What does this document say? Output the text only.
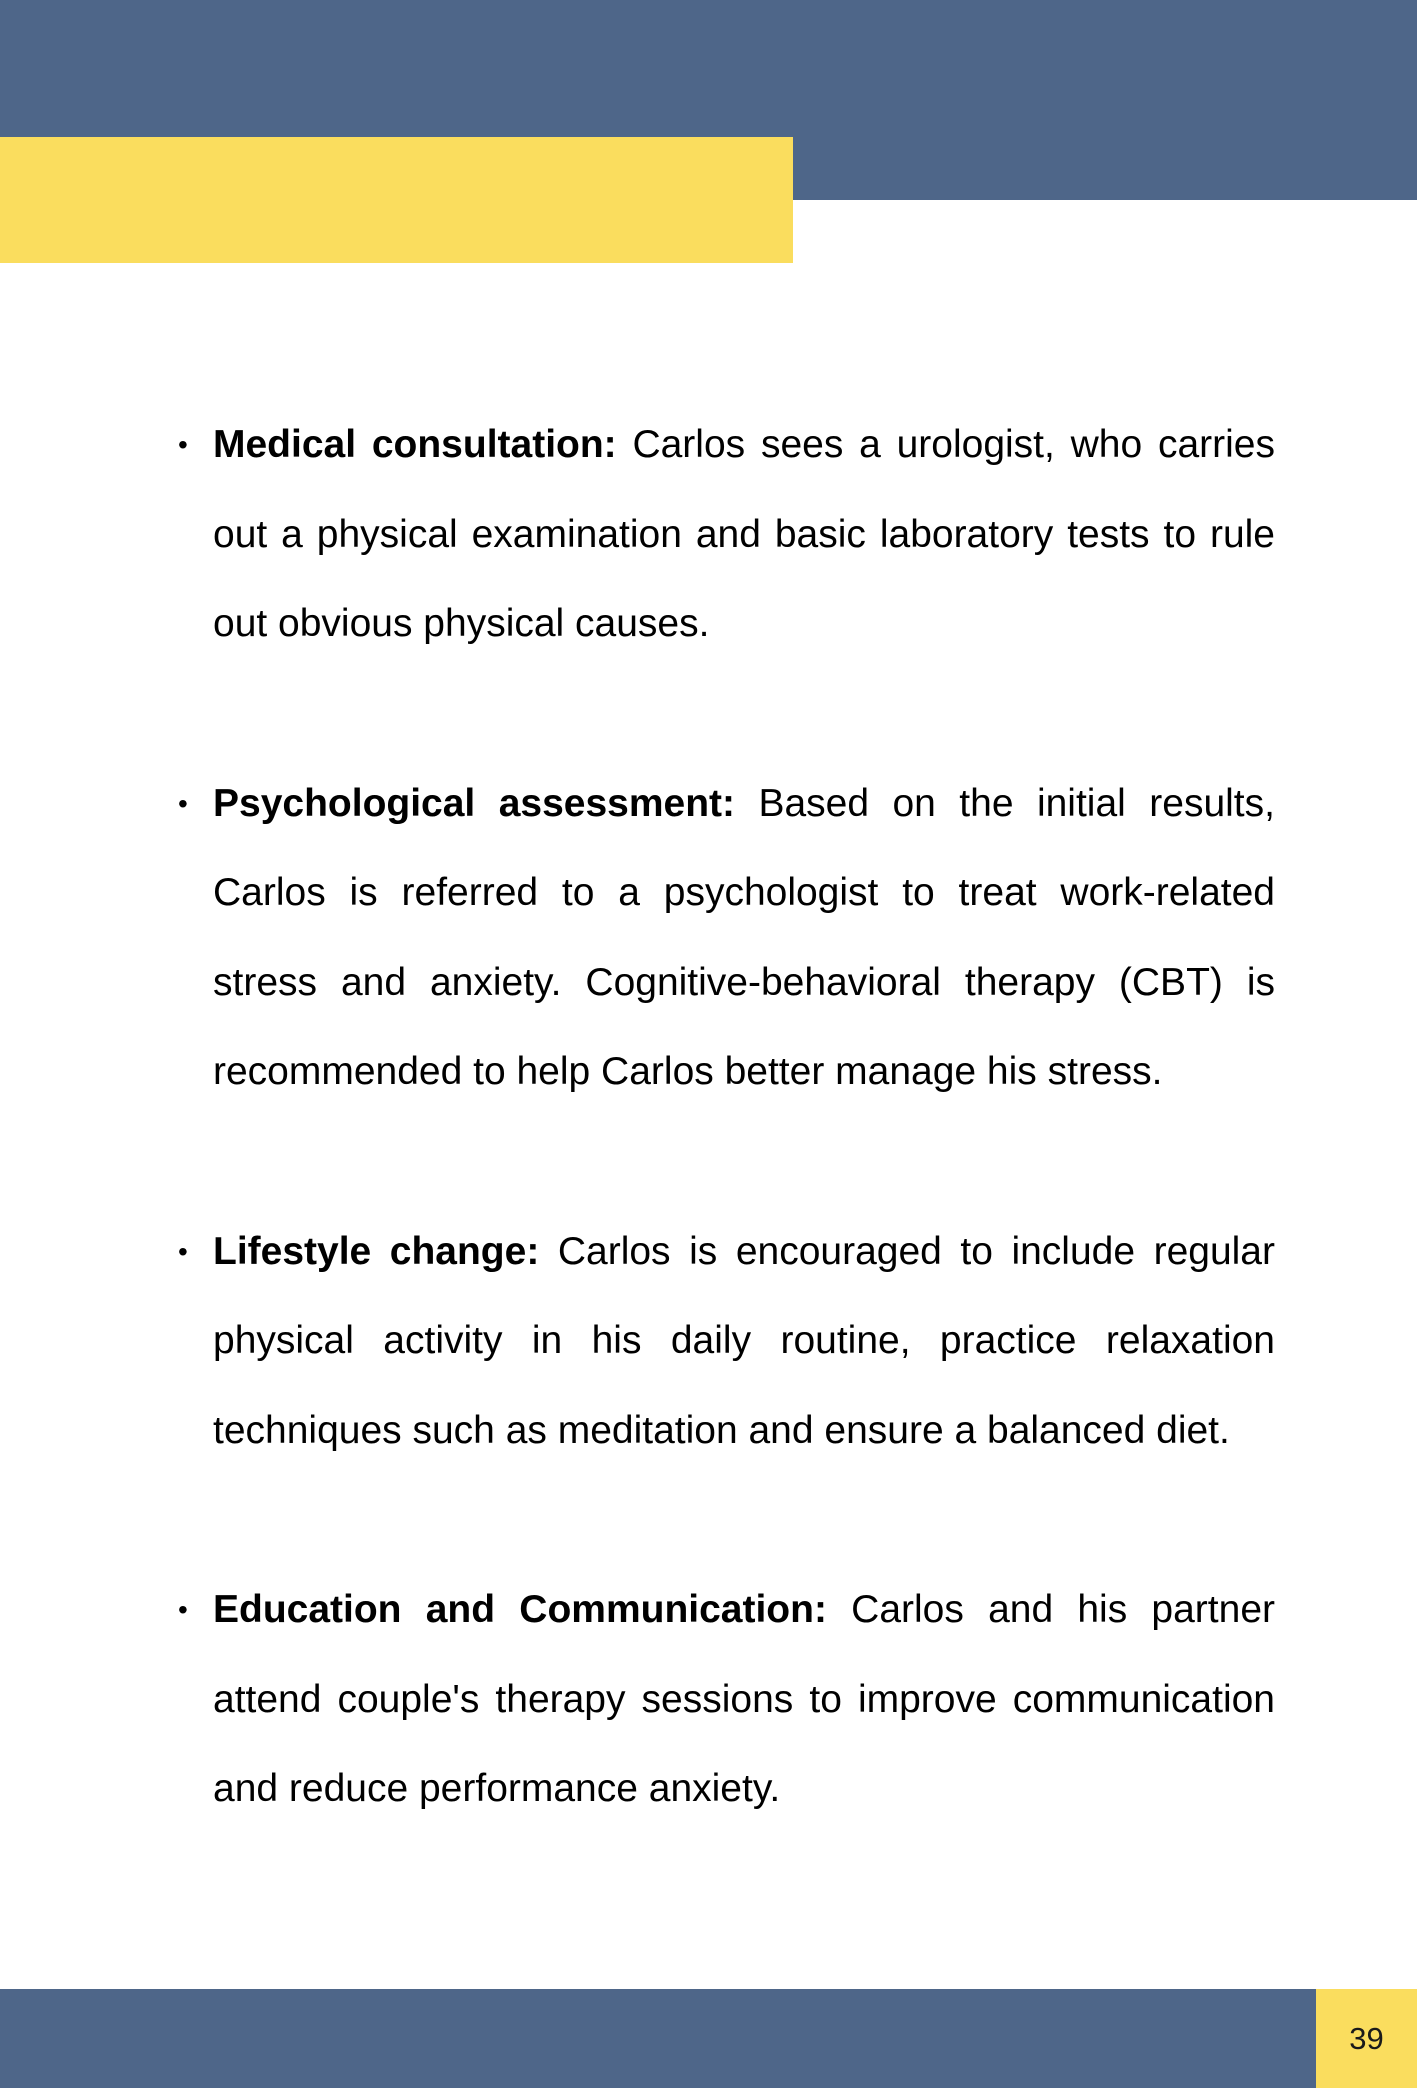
• Medical consultation: Carlos sees a urologist, who carries out a physical examination and basic laboratory tests to rule out obvious physical causes.
• Psychological assessment: Based on the initial results, Carlos is referred to a psychologist to treat work-related stress and anxiety. Cognitive-behavioral therapy (CBT) is recommended to help Carlos better manage his stress.
• Lifestyle change: Carlos is encouraged to include regular physical activity in his daily routine, practice relaxation techniques such as meditation and ensure a balanced diet.
• Education and Communication: Carlos and his partner attend couple's therapy sessions to improve communication and reduce performance anxiety.
39
